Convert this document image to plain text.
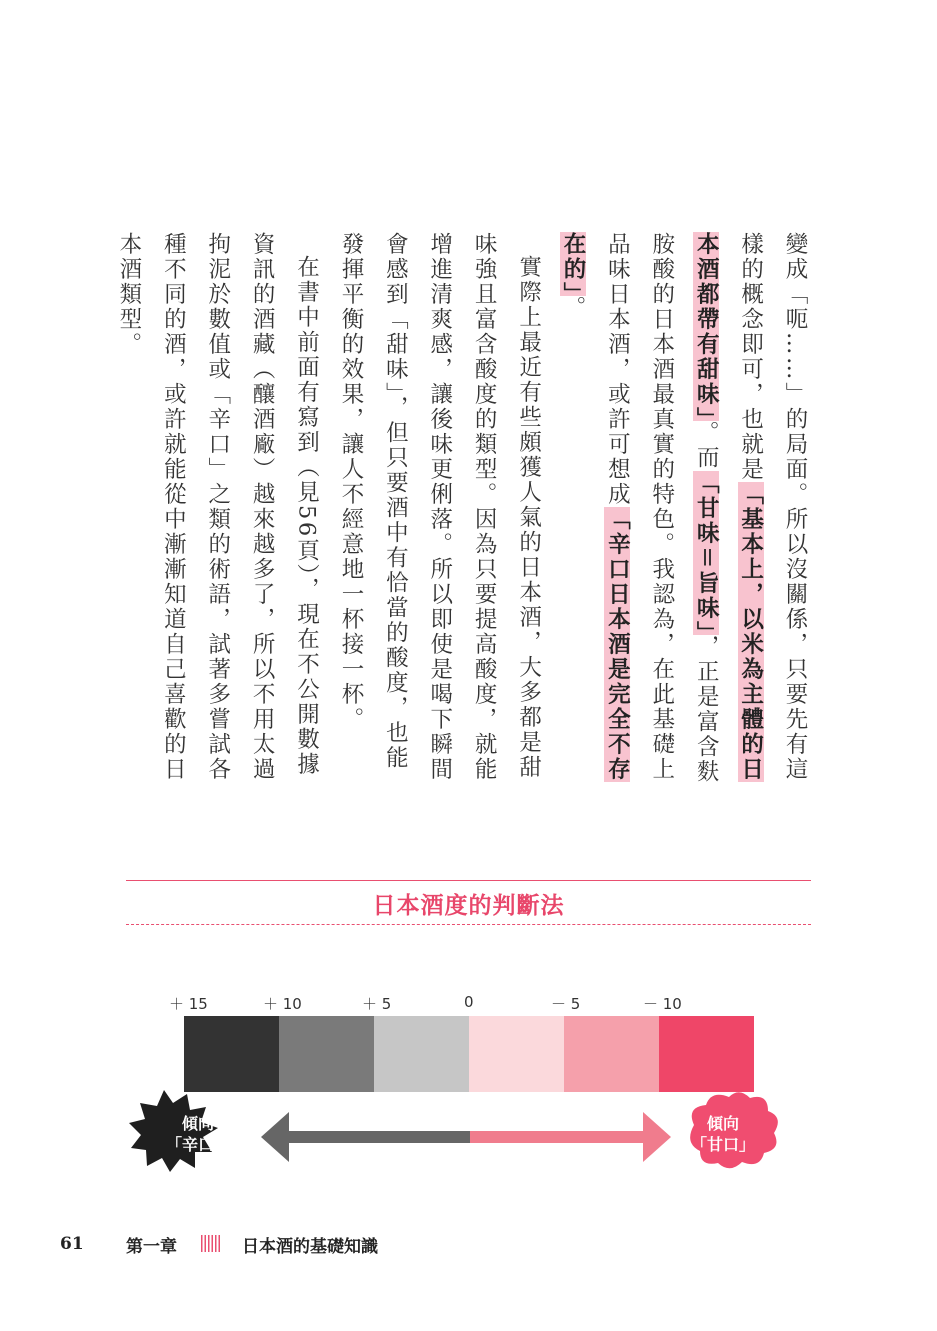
變成「呃……」的局面。所以沒關係，只要先有這樣的概念即可，也就是「基本上，以米為主體的日本酒都帶有甜味」。而「甘味＝旨味」，正是富含麩胺酸的日本酒最真實的特色。我認為，在此基礎上品味日本酒，或許可想成「辛口日本酒是完全不存在的」。

實際上最近有些頗獲人氣的日本酒，大多都是甜味強且富含酸度的類型。因為只要提高酸度，就能增進清爽感，讓後味更俐落。所以即使是喝下瞬間會感到「甜味」，但只要酒中有恰當的酸度，也能發揮平衡的效果，讓人不經意地一杯接一杯。

在書中前面有寫到（見56頁），現在不公開數據資訊的酒藏（釀酒廠）越來越多了，所以不用太過拘泥於數值或「辛口」之類的術語，試著多嘗試各種不同的酒，或許就能從中漸漸知道自己喜歡的日本酒類型。

日本酒度的判斷法
＋ 15	＋ 10	＋ 5	0	－ 5	－ 10
傾向
「辛口」
傾向
「甘口」
61 第一章	日本酒的基礎知識
